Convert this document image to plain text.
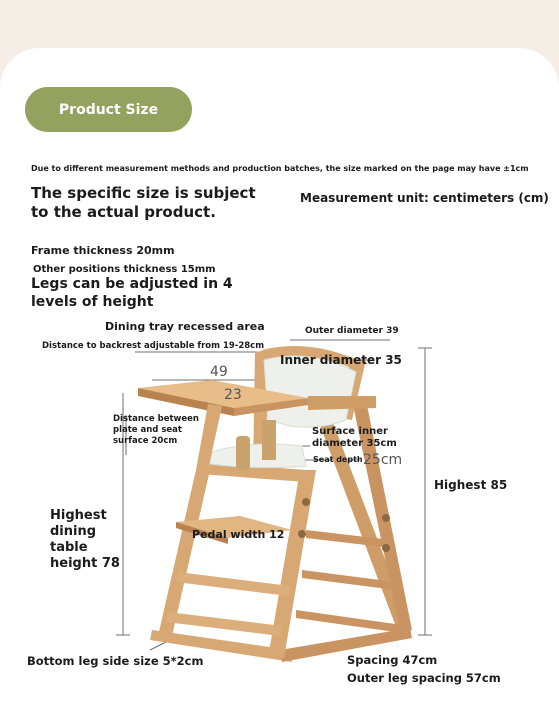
Product Size
Due to different measurement methods and production batches, the size marked on the page may have ±1cm
The specific size is subject
to the actual product.
Measurement unit: centimeters (cm)
Frame thickness 20mm
Other positions thickness 15mm
Legs can be adjusted in 4
levels of height
Dining tray recessed area	Outer diameter 39
Distance to backrest adjustable from 19-28cm
Inner diameter 35
49
23
Distance between
plate and seat
surface 20cm
Surface inner
diameter 35cm
Seat depth 25cm
Highest 85
Highest
dining
table
height 78
Pedal width 12
Bottom leg side size 5*2cm	Spacing 47cm
Outer leg spacing 57cm
